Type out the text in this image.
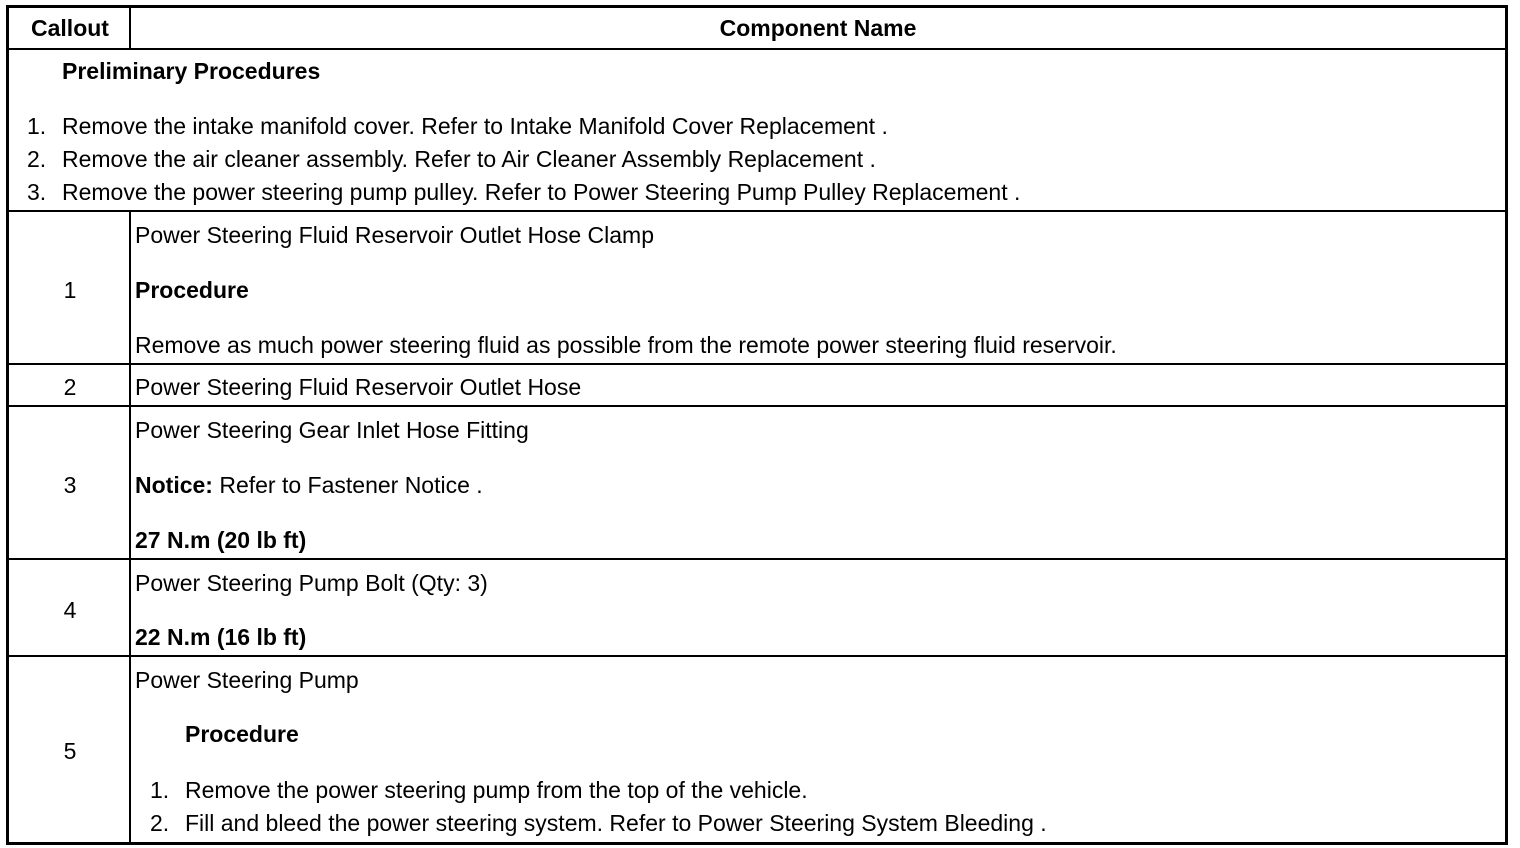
Callout	Component Name
Preliminary Procedures
1. Remove the intake manifold cover. Refer to Intake Manifold Cover Replacement .
2. Remove the air cleaner assembly. Refer to Air Cleaner Assembly Replacement .
3. Remove the power steering pump pulley. Refer to Power Steering Pump Pulley Replacement .
1
Power Steering Fluid Reservoir Outlet Hose Clamp
Procedure
Remove as much power steering fluid as possible from the remote power steering fluid reservoir.
2	Power Steering Fluid Reservoir Outlet Hose
3
Power Steering Gear Inlet Hose Fitting
Notice: Refer to Fastener Notice .
27 N.m (20 lb ft)
4
Power Steering Pump Bolt (Qty: 3)
22 N.m (16 lb ft)
5
Power Steering Pump
Procedure
1. Remove the power steering pump from the top of the vehicle.
2. Fill and bleed the power steering system. Refer to Power Steering System Bleeding .
